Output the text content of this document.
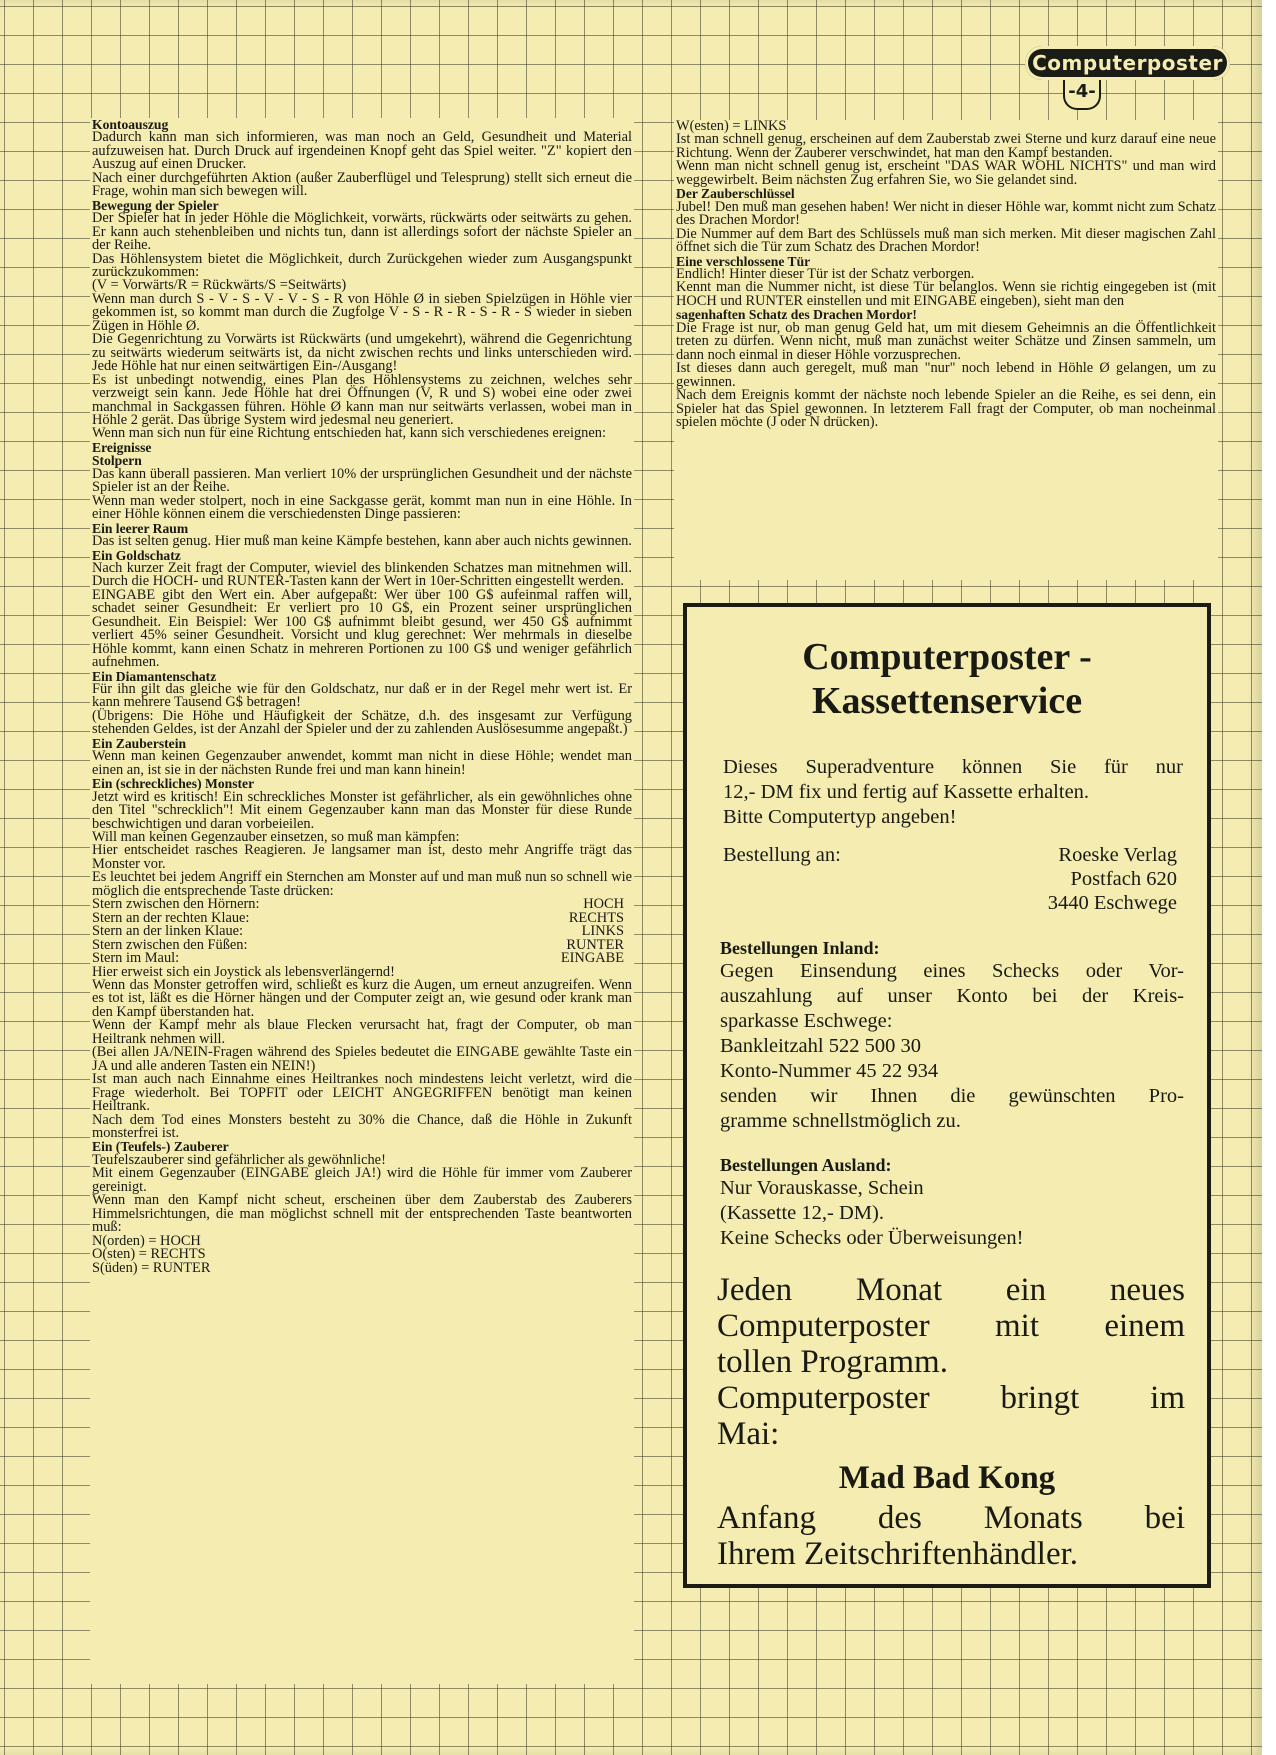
Computerposter
-4-

Kontoauszug

Dadurch kann man sich informieren, was man noch an Geld, Gesundheit und Material aufzuweisen hat. Durch Druck auf irgendeinen Knopf geht das Spiel weiter. "Z" kopiert den Auszug auf einen Drucker.
Nach einer durchgeführten Aktion (außer Zauberflügel und Telesprung) stellt sich erneut die Frage, wohin man sich bewegen will.

Bewegung der Spieler

Der Spieler hat in jeder Höhle die Möglichkeit, vorwärts, rückwärts oder seitwärts zu gehen. Er kann auch stehenbleiben und nichts tun, dann ist allerdings sofort der nächste Spieler an der Reihe.
Das Höhlensystem bietet die Möglichkeit, durch Zurückgehen wieder zum Ausgangspunkt zurückzukommen:
(V = Vorwärts/R = Rückwärts/S =Seitwärts)
Wenn man durch S - V - S - V - V - S - R von Höhle Ø in sieben Spielzügen in Höhle vier gekommen ist, so kommt man durch die Zugfolge V - S - R - R - S - R - S wieder in sieben Zügen in Höhle Ø.
Die Gegenrichtung zu Vorwärts ist Rückwärts (und umgekehrt), während die Gegenrichtung zu seitwärts wiederum seitwärts ist, da nicht zwischen rechts und links unterschieden wird. Jede Höhle hat nur einen seitwärtigen Ein-/Ausgang!
Es ist unbedingt notwendig, eines Plan des Höhlensystems zu zeichnen, welches sehr verzweigt sein kann. Jede Höhle hat drei Öffnungen (V, R und S) wobei eine oder zwei manchmal in Sackgassen führen. Höhle Ø kann man nur seitwärts verlassen, wobei man in Höhle 2 gerät. Das übrige System wird jedesmal neu generiert.
Wenn man sich nun für eine Richtung entschieden hat, kann sich verschiedenes ereignen:

Ereignisse

Stolpern

Das kann überall passieren. Man verliert 10% der ursprünglichen Gesundheit und der nächste Spieler ist an der Reihe.
Wenn man weder stolpert, noch in eine Sackgasse gerät, kommt man nun in eine Höhle. In einer Höhle können einem die verschiedensten Dinge passieren:

Ein leerer Raum

Das ist selten genug. Hier muß man keine Kämpfe bestehen, kann aber auch nichts gewinnen.

Ein Goldschatz

Nach kurzer Zeit fragt der Computer, wieviel des blinkenden Schatzes man mitnehmen will. Durch die HOCH- und RUNTER-Tasten kann der Wert in 10er-Schritten eingestellt werden.
EINGABE gibt den Wert ein. Aber aufgepaßt: Wer über 100 G$ aufeinmal raffen will, schadet seiner Gesundheit: Er verliert pro 10 G$, ein Prozent seiner ursprünglichen Gesundheit. Ein Beispiel: Wer 100 G$ aufnimmt bleibt gesund, wer 450 G$ aufnimmt verliert 45% seiner Gesundheit. Vorsicht und klug gerechnet: Wer mehrmals in dieselbe Höhle kommt, kann einen Schatz in mehreren Portionen zu 100 G$ und weniger gefährlich aufnehmen.

Ein Diamantenschatz

Für ihn gilt das gleiche wie für den Goldschatz, nur daß er in der Regel mehr wert ist. Er kann mehrere Tausend G$ betragen!
(Übrigens: Die Höhe und Häufigkeit der Schätze, d.h. des insgesamt zur Verfügung stehenden Geldes, ist der Anzahl der Spieler und der zu zahlenden Auslösesumme angepaßt.)

Ein Zauberstein

Wenn man keinen Gegenzauber anwendet, kommt man nicht in diese Höhle; wendet man einen an, ist sie in der nächsten Runde frei und man kann hinein!

Ein (schreckliches) Monster

Jetzt wird es kritisch! Ein schreckliches Monster ist gefährlicher, als ein gewöhnliches ohne den Titel "schrecklich"! Mit einem Gegenzauber kann man das Monster für diese Runde beschwichtigen und daran vorbeieilen.
Will man keinen Gegenzauber einsetzen, so muß man kämpfen:
Hier entscheidet rasches Reagieren. Je langsamer man ist, desto mehr Angriffe trägt das Monster vor.
Es leuchtet bei jedem Angriff ein Sternchen am Monster auf und man muß nun so schnell wie möglich die entsprechende Taste drücken:

Stern zwischen den Hörnern:	HOCH
Stern an der rechten Klaue:	RECHTS
Stern an der linken Klaue:	LINKS
Stern zwischen den Füßen:	RUNTER
Stern im Maul:	EINGABE

Hier erweist sich ein Joystick als lebensverlängernd!
Wenn das Monster getroffen wird, schließt es kurz die Augen, um erneut anzugreifen. Wenn es tot ist, läßt es die Hörner hängen und der Computer zeigt an, wie gesund oder krank man den Kampf überstanden hat.
Wenn der Kampf mehr als blaue Flecken verursacht hat, fragt der Computer, ob man Heiltrank nehmen will.
(Bei allen JA/NEIN-Fragen während des Spieles bedeutet die EINGABE gewählte Taste ein JA und alle anderen Tasten ein NEIN!)
Ist man auch nach Einnahme eines Heiltrankes noch mindestens leicht verletzt, wird die Frage wiederholt. Bei TOPFIT oder LEICHT ANGEGRIFFEN benötigt man keinen Heiltrank.
Nach dem Tod eines Monsters besteht zu 30% die Chance, daß die Höhle in Zukunft monsterfrei ist.

Ein (Teufels-) Zauberer

Teufelszauberer sind gefährlicher als gewöhnliche!
Mit einem Gegenzauber (EINGABE gleich JA!) wird die Höhle für immer vom Zauberer gereinigt.
Wenn man den Kampf nicht scheut, erscheinen über dem Zauberstab des Zauberers Himmelsrichtungen, die man möglichst schnell mit der entsprechenden Taste beantworten muß:
N(orden) = HOCH
O(sten) = RECHTS
S(üden) = RUNTER

W(esten) = LINKS
Ist man schnell genug, erscheinen auf dem Zauberstab zwei Sterne und kurz darauf eine neue Richtung. Wenn der Zauberer verschwindet, hat man den Kampf bestanden.
Wenn man nicht schnell genug ist, erscheint "DAS WAR WOHL NICHTS" und man wird weggewirbelt. Beim nächsten Zug erfahren Sie, wo Sie gelandet sind.

Der Zauberschlüssel

Jubel! Den muß man gesehen haben! Wer nicht in dieser Höhle war, kommt nicht zum Schatz des Drachen Mordor!
Die Nummer auf dem Bart des Schlüssels muß man sich merken. Mit dieser magischen Zahl öffnet sich die Tür zum Schatz des Drachen Mordor!

Eine verschlossene Tür

Endlich! Hinter dieser Tür ist der Schatz verborgen.
Kennt man die Nummer nicht, ist diese Tür belanglos. Wenn sie richtig eingegeben ist (mit HOCH und RUNTER einstellen und mit EINGABE eingeben), sieht man den

sagenhaften Schatz des Drachen Mordor!

Die Frage ist nur, ob man genug Geld hat, um mit diesem Geheimnis an die Öffentlichkeit treten zu dürfen. Wenn nicht, muß man zunächst weiter Schätze und Zinsen sammeln, um dann noch einmal in dieser Höhle vorzusprechen.
Ist dieses dann auch geregelt, muß man "nur" noch lebend in Höhle Ø gelangen, um zu gewinnen.
Nach dem Ereignis kommt der nächste noch lebende Spieler an die Reihe, es sei denn, ein Spieler hat das Spiel gewonnen. In letzterem Fall fragt der Computer, ob man nocheinmal spielen möchte (J oder N drücken).

Computerposter -
Kassettenservice

Dieses Superadventure können Sie für nur

12,- DM fix und fertig auf Kassette erhalten.

Bitte Computertyp angeben!

Bestellung an:	Roeske Verlag

Postfach 620

3440 Eschwege

Bestellungen Inland:

Gegen Einsendung eines Schecks oder Vor-

auszahlung auf unser Konto bei der Kreis-

sparkasse Eschwege:

Bankleitzahl 522 500 30

Konto-Nummer 45 22 934

senden wir Ihnen die gewünschten Pro-

gramme schnellstmöglich zu.

Bestellungen Ausland:

Nur Vorauskasse, Schein

(Kassette 12,- DM).

Keine Schecks oder Überweisungen!

Jeden Monat ein neues

Computerposter mit einem

tollen Programm.

Computerposter bringt im

Mai:

Mad Bad Kong

Anfang des Monats bei

Ihrem Zeitschriftenhändler.
